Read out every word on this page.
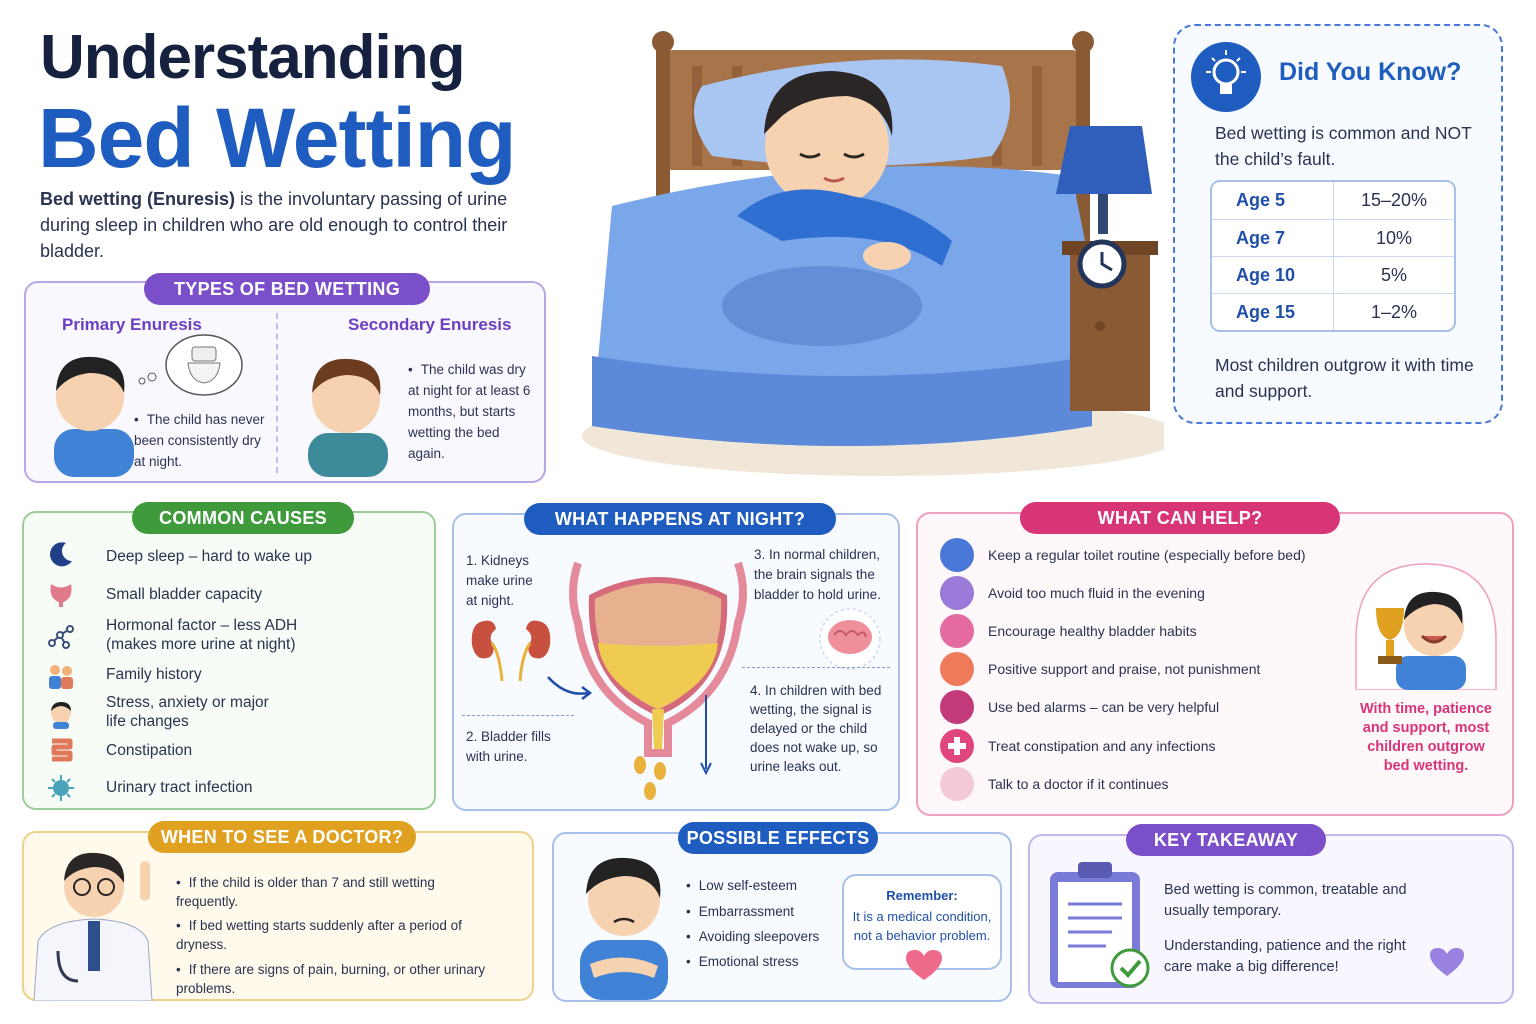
Understanding
Bed Wetting
Bed wetting (Enuresis) is the involuntary passing of urine during sleep in children who are old enough to control their bladder.
TYPES OF BED WETTING
Primary Enuresis	Secondary Enuresis
• The child has never been consistently dry at night.
• The child was dry at night for at least 6 months, but starts wetting the bed again.
Did You Know?
Bed wetting is common and NOT the child’s fault.
Age 5	15–20%
Age 7	10%
Age 10	5%
Age 15	1–2%
Most children outgrow it with time and support.
COMMON CAUSES
Deep sleep – hard to wake up
Small bladder capacity
Hormonal factor – less ADH
(makes more urine at night)
Family history
Stress, anxiety or major
life changes
Constipation
Urinary tract infection
WHAT HAPPENS AT NIGHT?
1. Kidneys make urine at night.
2. Bladder fills with urine.
3. In normal children, the brain signals the bladder to hold urine.
4. In children with bed wetting, the signal is delayed or the child does not wake up, so urine leaks out.
WHAT CAN HELP?
Keep a regular toilet routine (especially before bed)
Avoid too much fluid in the evening
Encourage healthy bladder habits
Positive support and praise, not punishment
Use bed alarms – can be very helpful
Treat constipation and any infections
Talk to a doctor if it continues
With time, patience and support, most children outgrow bed wetting.
WHEN TO SEE A DOCTOR?
• If the child is older than 7 and still wetting frequently.
• If bed wetting starts suddenly after a period of dryness.
• If there are signs of pain, burning, or other urinary problems.
POSSIBLE EFFECTS
• Low self-esteem
• Embarrassment
• Avoiding sleepovers
• Emotional stress
Remember:
It is a medical condition, not a behavior problem.
KEY TAKEAWAY
Bed wetting is common, treatable and usually temporary.
Understanding, patience and the right care make a big difference!
